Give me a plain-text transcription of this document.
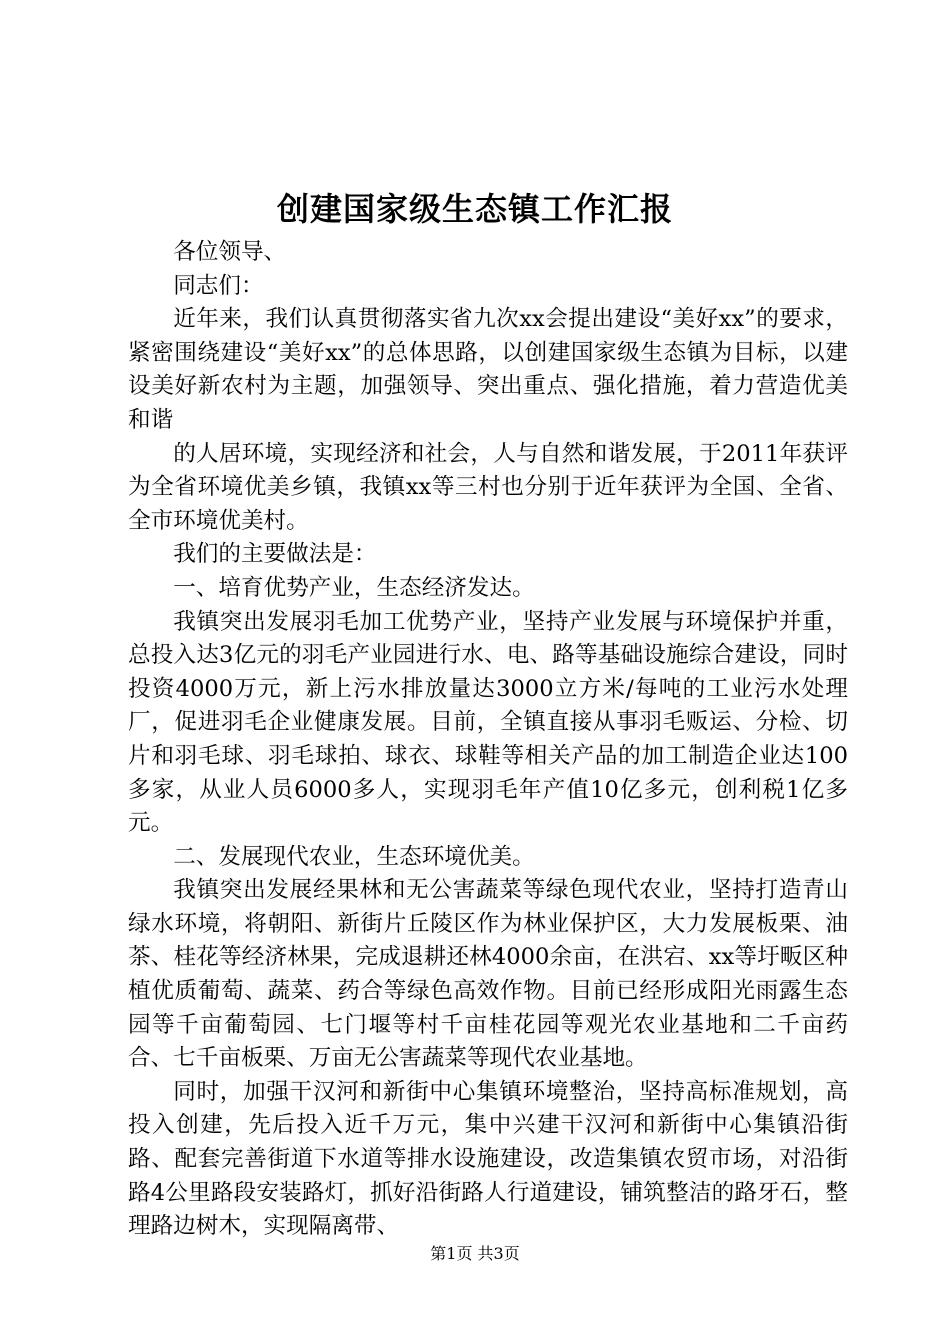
创建国家级生态镇工作汇报

各位领导、

同志们：

近年来，我们认真贯彻落实省九次xx会提出建设“美好xx”的要求，紧密围绕建设“美好xx”的总体思路，以创建国家级生态镇为目标，以建设美好新农村为主题，加强领导、突出重点、强化措施，着力营造优美和谐

的人居环境，实现经济和社会，人与自然和谐发展，于2011年获评为全省环境优美乡镇，我镇xx等三村也分别于近年获评为全国、全省、全市环境优美村。

我们的主要做法是：

一、培育优势产业，生态经济发达。

我镇突出发展羽毛加工优势产业，坚持产业发展与环境保护并重，总投入达3亿元的羽毛产业园进行水、电、路等基础设施综合建设，同时投资4000万元，新上污水排放量达3000立方米/每吨的工业污水处理厂，促进羽毛企业健康发展。目前，全镇直接从事羽毛贩运、分检、切片和羽毛球、羽毛球拍、球衣、球鞋等相关产品的加工制造企业达100多家，从业人员6000多人，实现羽毛年产值10亿多元，创利税1亿多元。

二、发展现代农业，生态环境优美。

我镇突出发展经果林和无公害蔬菜等绿色现代农业，坚持打造青山绿水环境，将朝阳、新街片丘陵区作为林业保护区，大力发展板栗、油茶、桂花等经济林果，完成退耕还林4000余亩，在洪宕、xx等圩畈区种植优质葡萄、蔬菜、药合等绿色高效作物。目前已经形成阳光雨露生态园等千亩葡萄园、七门堰等村千亩桂花园等观光农业基地和二千亩药合、七千亩板栗、万亩无公害蔬菜等现代农业基地。

同时，加强干汉河和新街中心集镇环境整治，坚持高标准规划，高投入创建，先后投入近千万元，集中兴建干汉河和新街中心集镇沿街路、配套完善街道下水道等排水设施建设，改造集镇农贸市场，对沿街路4公里路段安装路灯，抓好沿街路人行道建设，铺筑整洁的路牙石，整理路边树木，实现隔离带、

第1页 共3页
